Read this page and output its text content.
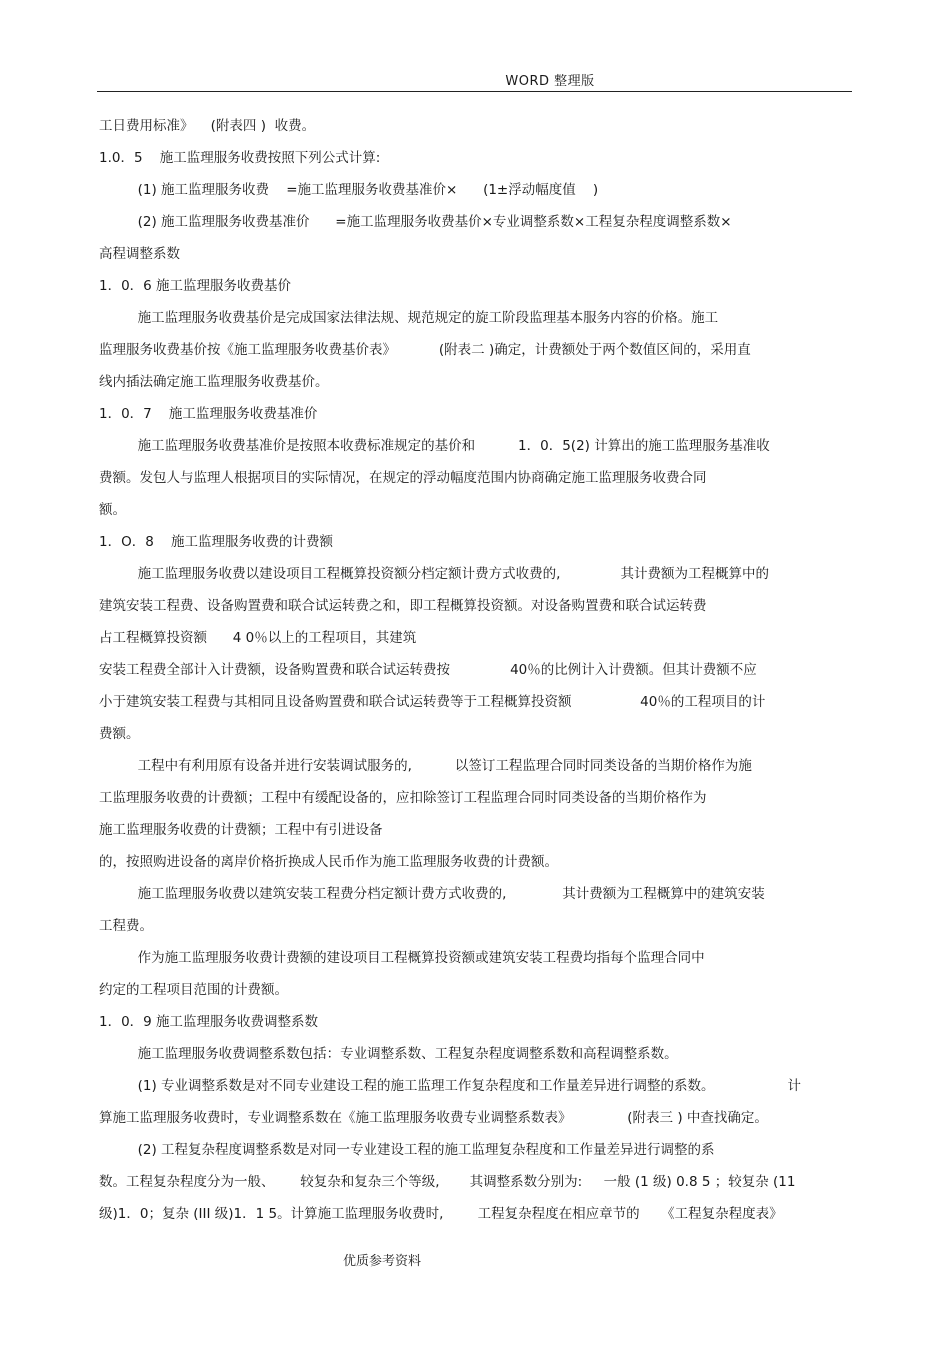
WORD 整理版
工日费用标准》    (附表四 )  收费。
1.0．5    施工监理服务收费按照下列公式计算:
(1) 施工监理服务收费    =施工监理服务收费基准价×      (1±浮动幅度值    )
(2) 施工监理服务收费基准价      =施工监理服务收费基价×专业调整系数×工程复杂程度调整系数×
高程调整系数
1．0．6 施工监理服务收费基价
施工监理服务收费基价是完成国家法律法规、规范规定的旋工阶段监理基本服务内容的价格。施工
监理服务收费基价按《施工监理服务收费基价表》          (附表二 )确定，计费额处于两个数值区间的，采用直
线内插法确定施工监理服务收费基价。
1．0．7    施工监理服务收费基准价
施工监理服务收费基准价是按照本收费标准规定的基价和          1．0．5(2) 计算出的施工监理服务基准收
费额。发包人与监理人根据项目的实际情况，在规定的浮动幅度范围内协商确定施工监理服务收费合同
额。
1．O．8    施工监理服务收费的计费额
施工监理服务收费以建设项目工程概算投资额分档定额计费方式收费的,              其计费额为工程概算中的
建筑安装工程费、设备购置费和联合试运转费之和，即工程概算投资额。对设备购置费和联合试运转费
占工程概算投资额      4 0％以上的工程项目，其建筑
安装工程费全部计入计费额，设备购置费和联合试运转费按              40％的比例计入计费额。但其计费额不应
小于建筑安装工程费与其相同且设备购置费和联合试运转费等于工程概算投资额                40％的工程项目的计
费额。
工程中有利用原有设备并进行安装调试服务的,          以签订工程监理合同时同类设备的当期价格作为施
工监理服务收费的计费额；工程中有缓配设备的，应扣除签订工程监理合同时同类设备的当期价格作为
施工监理服务收费的计费额；工程中有引进设备
的，按照购进设备的离岸价格折换成人民币作为施工监理服务收费的计费额。
施工监理服务收费以建筑安装工程费分档定额计费方式收费的,             其计费额为工程概算中的建筑安装
工程费。
作为施工监理服务收费计费额的建设项目工程概算投资额或建筑安装工程费均指每个监理合同中
约定的工程项目范围的计费额。
1．0．9 施工监理服务收费调整系数
施工监理服务收费调整系数包括：专业调整系数、工程复杂程度调整系数和高程调整系数。
(1) 专业调整系数是对不同专业建设工程的施工监理工作复杂程度和工作量差异进行调整的系数。                 计
算施工监理服务收费时，专业调整系数在《施工监理服务收费专业调整系数表》             (附表三 ) 中查找确定。
(2) 工程复杂程度调整系数是对同一专业建设工程的施工监理复杂程度和工作量差异进行调整的系
数。工程复杂程度分为一般、      较复杂和复杂三个等级,       其调整系数分别为:     一般 (1 级) 0.8 5 ；较复杂 (11
级)1．0；复杂 (III 级)1．1 5。计算施工监理服务收费时,        工程复杂程度在相应章节的     《工程复杂程度表》
优质参考资料
